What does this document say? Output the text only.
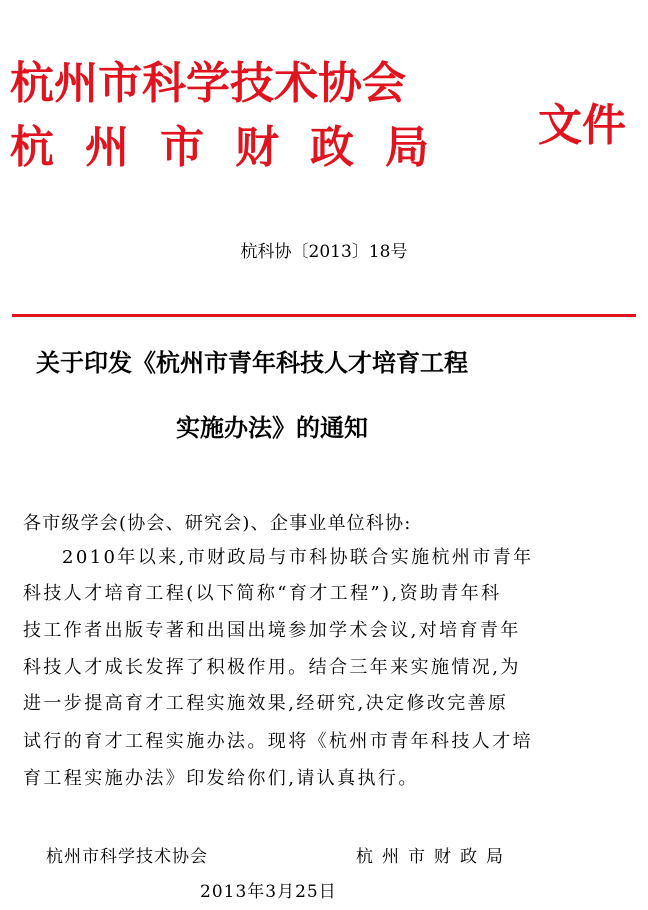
杭州市科学技术协会
杭州市财政局 文件
杭科协〔2013〕18号
关于印发《杭州市青年科技人才培育工程
实施办法》的通知
各市级学会(协会、研究会)、企事业单位科协:
2010年以来,市财政局与市科协联合实施杭州市青年
科技人才培育工程(以下简称“育才工程”),资助青年科
技工作者出版专著和出国出境参加学术会议,对培育青年
科技人才成长发挥了积极作用。结合三年来实施情况,为
进一步提高育才工程实施效果,经研究,决定修改完善原
试行的育才工程实施办法。现将《杭州市青年科技人才培
育工程实施办法》印发给你们,请认真执行。
杭州市科学技术协会	杭州市财政局
2013年3月25日
